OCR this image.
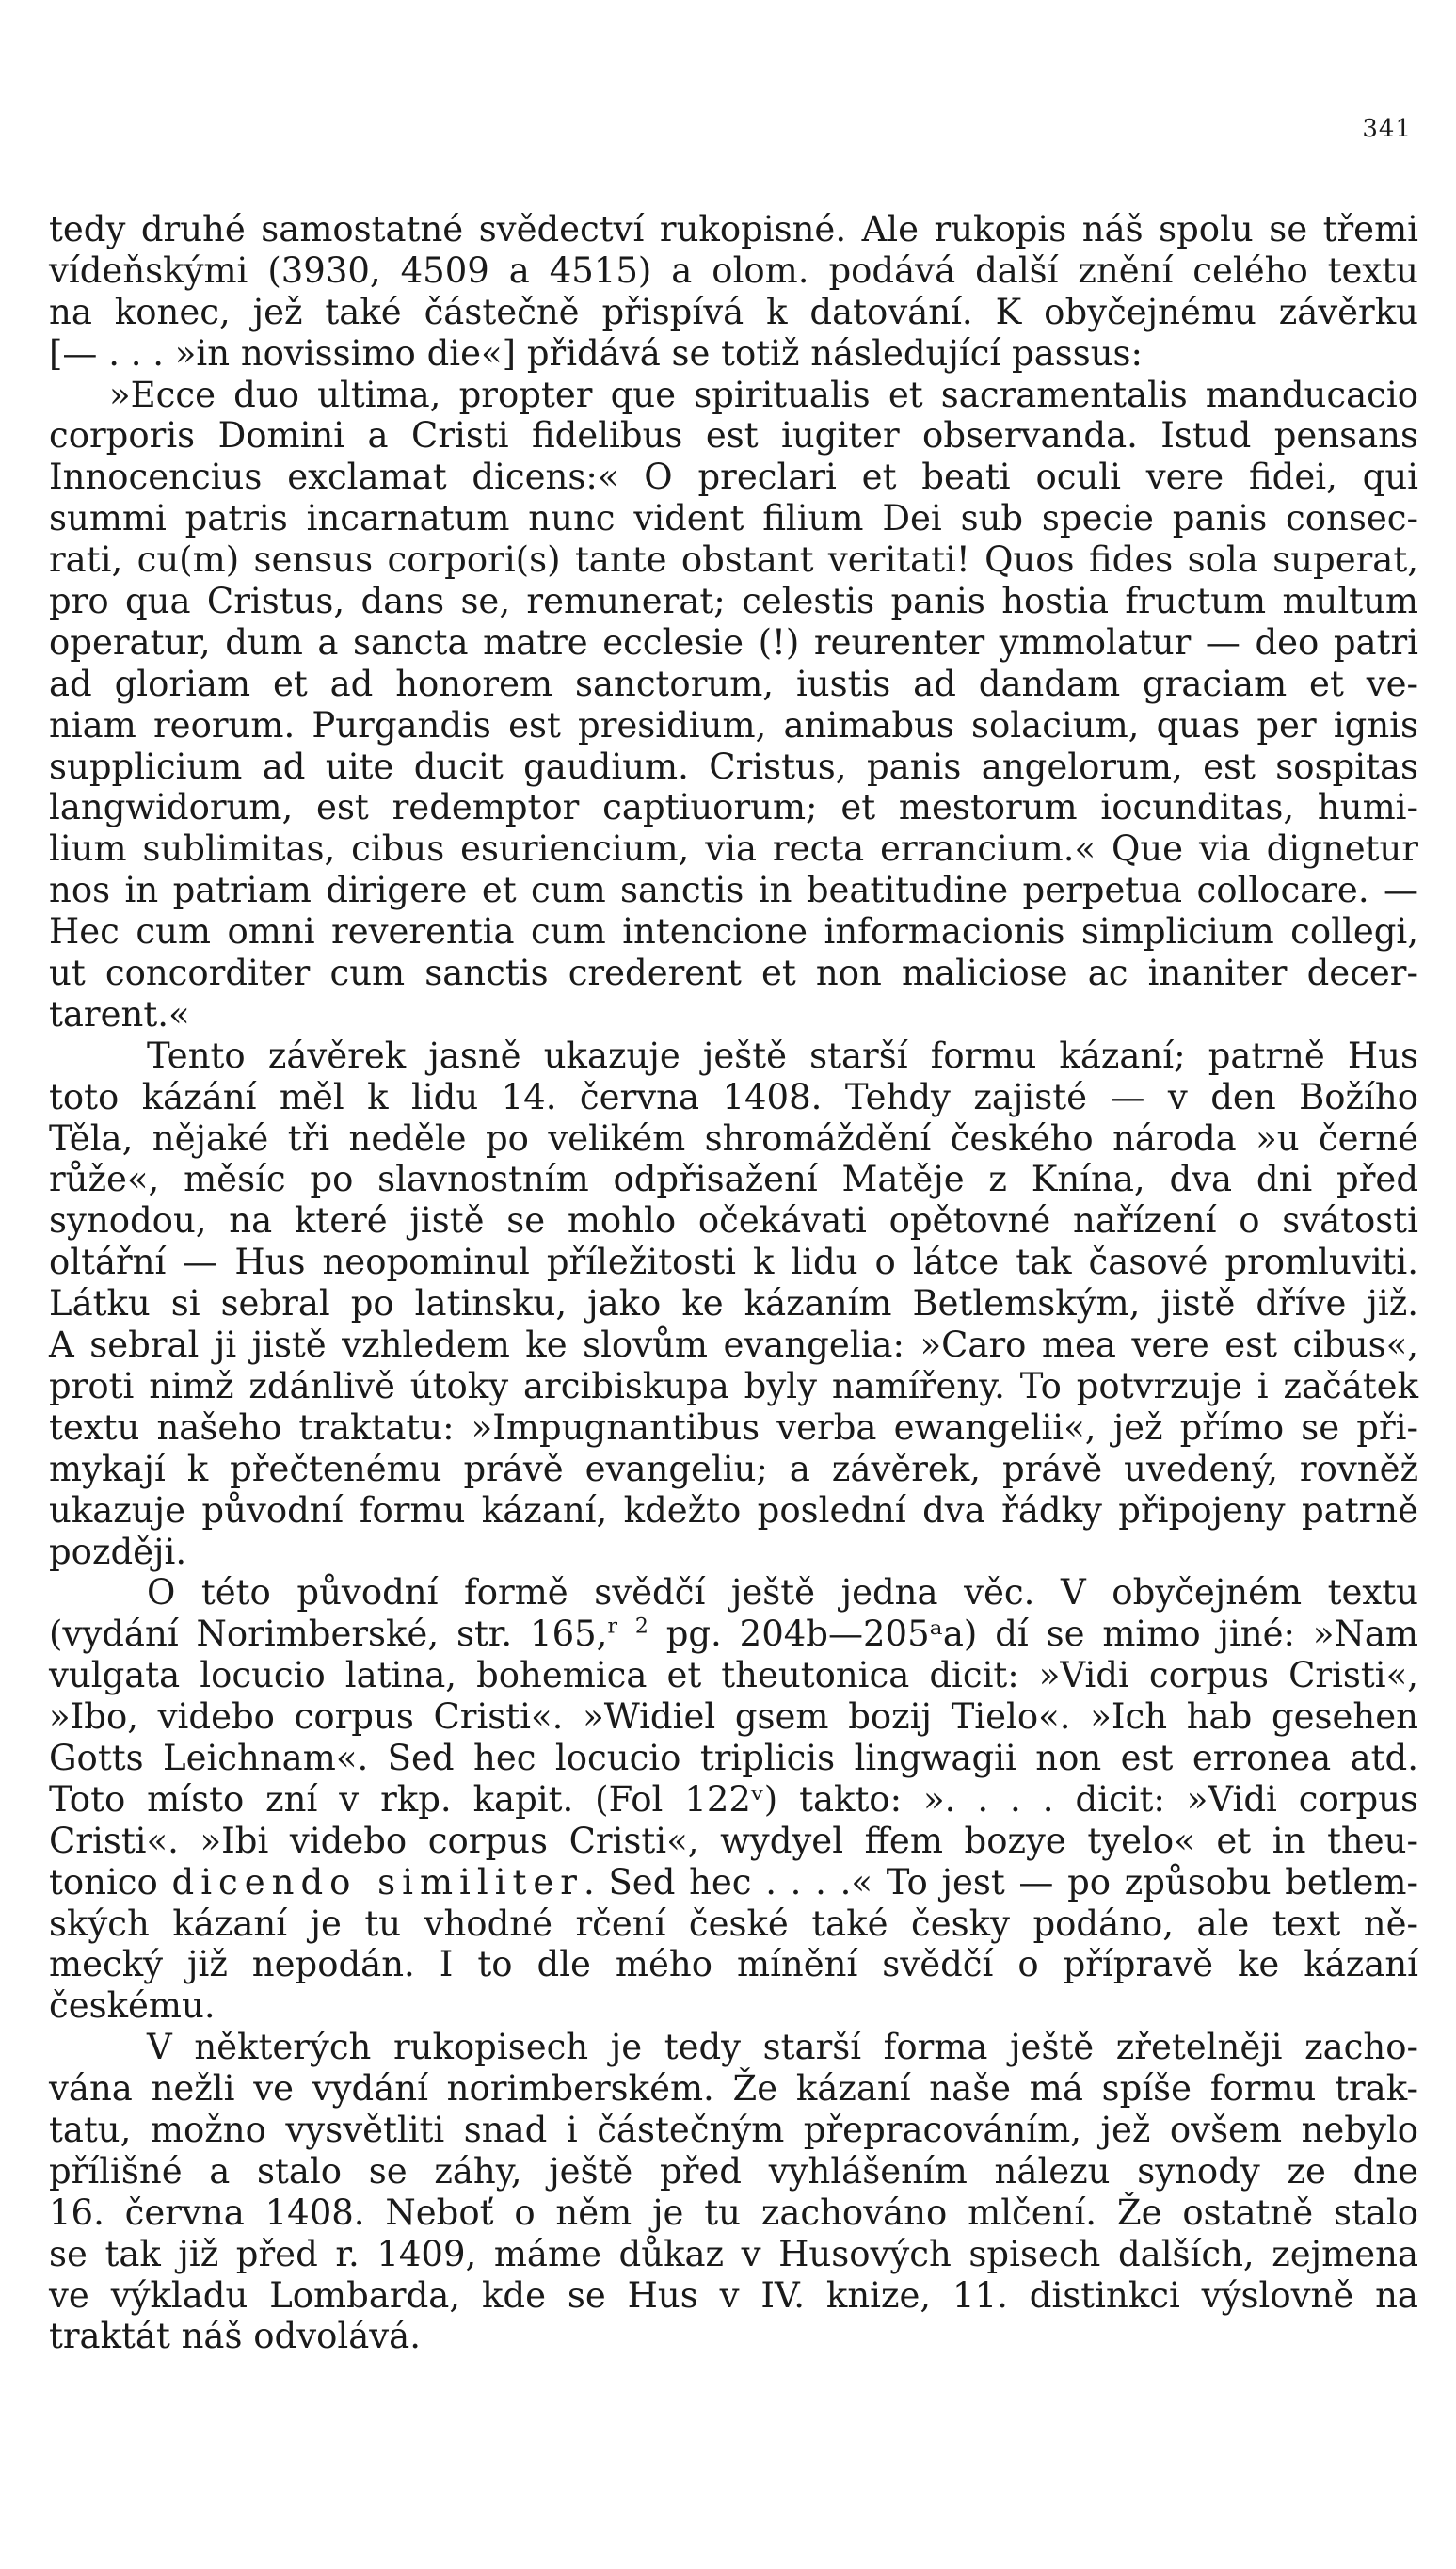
341
tedy druhé samostatné svědectví rukopisné. Ale rukopis náš spolu se třemi
vídeňskými (3930, 4509 a 4515) a olom. podává další znění celého textu
na konec, jež také částečně přispívá k datování. K obyčejnému závěrku
[— . . . »in novissimo die«] přidává se totiž následující passus:
»Ecce duo ultima, propter que spiritualis et sacramentalis manducacio
corporis Domini a Cristi fidelibus est iugiter observanda. Istud pensans
Innocencius exclamat dicens:« O preclari et beati oculi vere fidei, qui
summi patris incarnatum nunc vident filium Dei sub specie panis consec-
rati, cu(m) sensus corpori(s) tante obstant veritati! Quos fides sola superat,
pro qua Cristus, dans se, remunerat; celestis panis hostia fructum multum
operatur, dum a sancta matre ecclesie (!) reurenter ymmolatur — deo patri
ad gloriam et ad honorem sanctorum, iustis ad dandam graciam et ve-
niam reorum. Purgandis est presidium, animabus solacium, quas per ignis
supplicium ad uite ducit gaudium. Cristus, panis angelorum, est sospitas
langwidorum, est redemptor captiuorum; et mestorum iocunditas, humi-
lium sublimitas, cibus esuriencium, via recta errancium.« Que via dignetur
nos in patriam dirigere et cum sanctis in beatitudine perpetua collocare. —
Hec cum omni reverentia cum intencione informacionis simplicium collegi,
ut concorditer cum sanctis crederent et non maliciose ac inaniter decer-
tarent.«
Tento závěrek jasně ukazuje ještě starší formu kázaní; patrně Hus
toto kázání měl k lidu 14. června 1408. Tehdy zajisté — v den Božího
Těla, nějaké tři neděle po velikém shromáždění českého národa »u černé
růže«, měsíc po slavnostním odpřisažení Matěje z Knína, dva dni před
synodou, na které jistě se mohlo očekávati opětovné nařízení o svátosti
oltářní — Hus neopominul příležitosti k lidu o látce tak časové promluviti.
Látku si sebral po latinsku, jako ke kázaním Betlemským, jistě dříve již.
A sebral ji jistě vzhledem ke slovům evangelia: »Caro mea vere est cibus«,
proti nimž zdánlivě útoky arcibiskupa byly namířeny. To potvrzuje i začátek
textu našeho traktatu: »Impugnantibus verba ewangelii«, jež přímo se při-
mykají k přečtenému právě evangeliu; a závěrek, právě uvedený, rovněž
ukazuje původní formu kázaní, kdežto poslední dva řádky připojeny patrně
později.
O této původní formě svědčí ještě jedna věc. V obyčejném textu
(vydání Norimberské, str. 165,$^r$ $^2$ pg. 204b—205ᵃa) dí se mimo jiné: »Nam
vulgata locucio latina, bohemica et theutonica dicit: »Vidi corpus Cristi«,
»Ibo, videbo corpus Cristi«. »Widiel gsem bozij Tielo«. »Ich hab gesehen
Gotts Leichnam«. Sed hec locucio triplicis lingwagii non est erronea atd.
Toto místo zní v rkp. kapit. (Fol 122ᵛ) takto: ». . . . dicit: »Vidi corpus
Cristi«. »Ibi videbo corpus Cristi«, wydyel ffem bozye tyelo« et in theu-
tonico dicendo similiter. Sed hec . . . .« To jest — po způsobu betlem-
ských kázaní je tu vhodné rčení české také česky podáno, ale text ně-
mecký již nepodán. I to dle mého mínění svědčí o přípravě ke kázaní
českému.
V některých rukopisech je tedy starší forma ještě zřetelněji zacho-
vána nežli ve vydání norimberském. Že kázaní naše má spíše formu trak-
tatu, možno vysvětliti snad i částečným přepracováním, jež ovšem nebylo
přílišné a stalo se záhy, ještě před vyhlášením nálezu synody ze dne
16. června 1408. Neboť o něm je tu zachováno mlčení. Že ostatně stalo
se tak již před r. 1409, máme důkaz v Husových spisech dalších, zejmena
ve výkladu Lombarda, kde se Hus v IV. knize, 11. distinkci výslovně na
traktát náš odvolává.
